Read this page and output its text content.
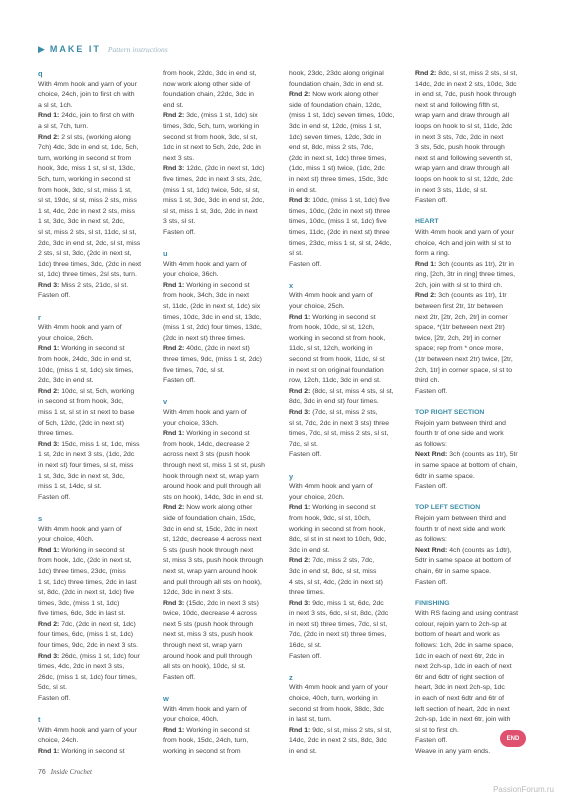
▶ MAKE IT Pattern instructions
q
With 4mm hook and yarn of your
choice, 24ch, join to first ch with
a sl st, 1ch.
Rnd 1: 24dc, join to first ch with
a sl st, 7ch, turn.
Rnd 2: 2 sl sts, (working along
7ch) 4dc, 3dc in end st, 1dc, 5ch,
turn, working in second st from
hook, 3dc, miss 1 st, sl st, 13dc,
5ch, turn, working in second st
from hook, 3dc, sl st, miss 1 st,
sl st, 19dc, sl st, miss 2 sts, miss
1 st, 4dc, 2dc in next 2 sts, miss
1 st, 3dc, 3dc in next st, 2dc,
sl st, miss 2 sts, sl st, 11dc, sl st,
2dc, 3dc in end st, 2dc, sl st, miss
2 sts, sl st, 3dc, (2dc in next st,
1dc) three times, 3dc, (2dc in next
st, 1dc) three times, 2sl sts, turn.
Rnd 3: Miss 2 sts, 21dc, sl st.
Fasten off.
r
With 4mm hook and yarn of
your choice, 26ch.
Rnd 1: Working in second st
from hook, 24dc, 3dc in end st,
10dc, (miss 1 st, 1dc) six times,
2dc, 3dc in end st.
Rnd 2: 10dc, sl st, 5ch, working
in second st from hook, 3dc,
miss 1 st, sl st in st next to base
of 5ch, 12dc, (2dc in next st)
three times.
Rnd 3: 15dc, miss 1 st, 1dc, miss
1 st, 2dc in next 3 sts, (1dc, 2dc
in next st) four times, sl st, miss
1 st, 3dc, 3dc in next st, 3dc,
miss 1 st, 14dc, sl st.
Fasten off.
s
With 4mm hook and yarn of
your choice, 40ch.
Rnd 1: Working in second st
from hook, 1dc, (2dc in next st,
1dc) three times, 23dc, (miss
1 st, 1dc) three times, 2dc in last
st, 8dc, (2dc in next st, 1dc) five
times, 3dc, (miss 1 st, 1dc)
five times, 6dc, 3dc in last st.
Rnd 2: 7dc, (2dc in next st, 1dc)
four times, 6dc, (miss 1 st, 1dc)
four times, 9dc, 2dc in next 3 sts.
Rnd 3: 26dc, (miss 1 st, 1dc) four
times, 4dc, 2dc in next 3 sts,
26dc, (miss 1 st, 1dc) four times,
5dc, sl st.
Fasten off.
t
With 4mm hook and yarn of your
choice, 24ch.
Rnd 1: Working in second st
from hook, 22dc, 3dc in end st,
now work along other side of
foundation chain, 22dc, 3dc in
end st.
Rnd 2: 3dc, (miss 1 st, 1dc) six
times, 3dc, 5ch, turn, working in
second st from hook, 3dc, sl st,
1dc in st next to 5ch, 2dc, 2dc in
next 3 sts.
Rnd 3: 12dc, (2dc in next st, 1dc)
five times, 2dc in next 3 sts, 2dc,
(miss 1 st, 1dc) twice, 5dc, sl st,
miss 1 st, 3dc, 3dc in end st, 2dc,
sl st, miss 1 st, 3dc, 2dc in next
3 sts, sl st.
Fasten off.
u
With 4mm hook and yarn of
your choice, 36ch.
Rnd 1: Working in second st
from hook, 34ch, 3dc in next
st, 11dc, (2dc in next st, 1dc) six
times, 10dc, 3dc in end st, 13dc,
(miss 1 st, 2dc) four times, 13dc,
(2dc in next st) three times.
Rnd 2: 40dc, (2dc in next st)
three times, 9dc, (miss 1 st, 2dc)
five times, 7dc, sl st.
Fasten off.
v
With 4mm hook and yarn of
your choice, 33ch.
Rnd 1: Working in second st
from hook, 14dc, decrease 2
across next 3 sts (push hook
through next st, miss 1 st st, push
hook through next st, wrap yarn
around hook and pull through all
sts on hook), 14dc, 3dc in end st.
Rnd 2: Now work along other
side of foundation chain, 15dc,
3dc in end st, 15dc, 2dc in next
st, 12dc, decrease 4 across next
5 sts (push hook through next
st, miss 3 sts, push hook through
next st, wrap yarn around hook
and pull through all sts on hook),
12dc, 3dc in next 3 sts.
Rnd 3: (15dc, 2dc in next 3 sts)
twice, 10dc, decrease 4 across
next 5 sts (push hook through
next st, miss 3 sts, push hook
through next st, wrap yarn
around hook and pull through
all sts on hook), 10dc, sl st.
Fasten off.
w
With 4mm hook and yarn of
your choice, 40ch.
Rnd 1: Working in second st
from hook, 15dc, 24ch, turn,
working in second st from
hook, 23dc, 23dc along original
foundation chain, 3dc in end st.
Rnd 2: Now work along other
side of foundation chain, 12dc,
(miss 1 st, 1dc) seven times, 10dc,
3dc in end st, 12dc, (miss 1 st,
1dc) seven times, 12dc, 3dc in
end st, 8dc, miss 2 sts, 7dc,
(2dc in next st, 1dc) three times,
(1dc, miss 1 st) twice, (1dc, 2dc
in next st) three times, 15dc, 3dc
in end st.
Rnd 3: 10dc, (miss 1 st, 1dc) five
times, 10dc, (2dc in next st) three
times, 10dc, (miss 1 st, 1dc) five
times, 11dc, (2dc in next st) three
times, 23dc, miss 1 st, sl st, 24dc,
sl st.
Fasten off.
x
With 4mm hook and yarn of
your choice, 25ch.
Rnd 1: Working in second st
from hook, 10dc, sl st, 12ch,
working in second st from hook,
11dc, sl st, 12ch, working in
second st from hook, 11dc, sl st
in next st on original foundation
row, 12ch, 11dc, 3dc in end st.
Rnd 2: (8dc, sl st, miss 4 sts, sl st,
8dc, 3dc in end st) four times.
Rnd 3: (7dc, sl st, miss 2 sts,
sl st, 7dc, 2dc in next 3 sts) three
times, 7dc, sl st, miss 2 sts, sl st,
7dc, sl st.
Fasten off.
y
With 4mm hook and yarn of
your choice, 20ch.
Rnd 1: Working in second st
from hook, 9dc, sl st, 10ch,
working in second st from hook,
8dc, sl st in st next to 10ch, 9dc,
3dc in end st.
Rnd 2: 7dc, miss 2 sts, 7dc,
3dc in end st, 8dc, sl st, miss
4 sts, sl st, 4dc, (2dc in next st)
three times.
Rnd 3: 9dc, miss 1 st, 6dc, 2dc
in next 3 sts, 6dc, sl st, 8dc, (2dc
in next st) three times, 7dc, sl st,
7dc, (2dc in next st) three times,
16dc, sl st.
Fasten off.
z
With 4mm hook and yarn of your
choice, 40ch, turn, working in
second st from hook, 38dc, 3dc
in last st, turn.
Rnd 1: 9dc, sl st, miss 2 sts, sl st,
14dc, 2dc in next 2 sts, 8dc, 3dc
in end st.
Rnd 2: 8dc, sl st, miss 2 sts, sl st,
14dc, 2dc in next 2 sts, 10dc, 3dc
in end st, 7dc, push hook through
next st and following fifth st,
wrap yarn and draw through all
loops on hook to sl st, 11dc, 2dc
in next 3 sts, 7dc, 2dc in next
3 sts, 5dc, push hook through
next st and following seventh st,
wrap yarn and draw through all
loops on hook to sl st, 12dc, 2dc
in next 3 sts, 11dc, sl st.
Fasten off.
HEART
With 4mm hook and yarn of your
choice, 4ch and join with sl st to
form a ring.
Rnd 1: 3ch (counts as 1tr), 2tr in
ring, [2ch, 3tr in ring] three times,
2ch, join with sl st to third ch.
Rnd 2: 3ch (counts as 1tr), 1tr
between first 2tr, 1tr between
next 2tr, [2tr, 2ch, 2tr] in corner
space, *(1tr between next 2tr)
twice, [2tr, 2ch, 2tr] in corner
space; rep from * once more,
(1tr between next 2tr) twice, [2tr,
2ch, 1tr] in corner space, sl st to
third ch.
Fasten off.
TOP RIGHT SECTION
Rejoin yarn between third and
fourth tr of one side and work
as follows:
Next Rnd: 3ch (counts as 1tr), 5tr
in same space at bottom of chain,
6dtr in same space.
Fasten off.
TOP LEFT SECTION
Rejoin yarn between third and
fourth tr of next side and work
as follows:
Next Rnd: 4ch (counts as 1dtr),
5dtr in same space at bottom of
chain, 6tr in same space.
Fasten off.
FINISHING
With RS facing and using contrast
colour, rejoin yarn to 2ch-sp at
bottom of heart and work as
follows: 1ch, 2dc in same space,
1dc in each of next 6tr, 2dc in
next 2ch-sp, 1dc in each of next
6tr and 6dtr of right section of
heart, 3dc in next 2ch-sp, 1dc
in each of next 6dtr and 6tr of
left section of heart, 2dc in next
2ch-sp, 1dc in next 6tr, join with
sl st to first ch.
Fasten off.
Weave in any yarn ends.
END
76 Inside Crochet
PassionForum.ru
